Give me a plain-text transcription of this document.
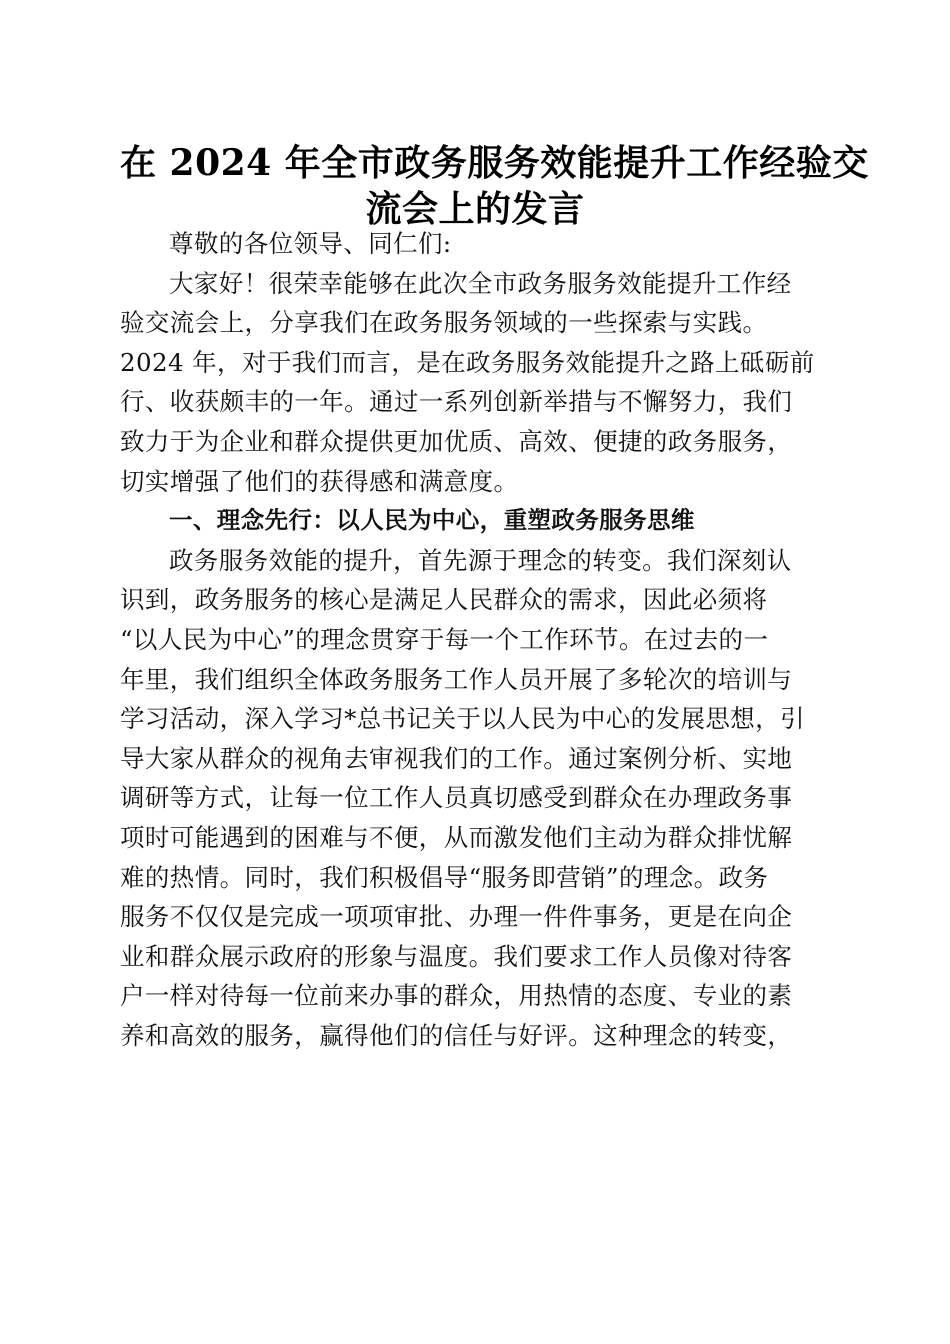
在 2024 年全市政务服务效能提升工作经验交
流会上的发言
尊敬的各位领导、同仁们:
大家好！很荣幸能够在此次全市政务服务效能提升工作经
验交流会上，分享我们在政务服务领域的一些探索与实践。
2024 年，对于我们而言，是在政务服务效能提升之路上砥砺前
行、收获颇丰的一年。通过一系列创新举措与不懈努力，我们
致力于为企业和群众提供更加优质、高效、便捷的政务服务，
切实增强了他们的获得感和满意度。
一、理念先行：以人民为中心，重塑政务服务思维
政务服务效能的提升，首先源于理念的转变。我们深刻认
识到，政务服务的核心是满足人民群众的需求，因此必须将
“以人民为中心”的理念贯穿于每一个工作环节。在过去的一
年里，我们组织全体政务服务工作人员开展了多轮次的培训与
学习活动，深入学习*总书记关于以人民为中心的发展思想，引
导大家从群众的视角去审视我们的工作。通过案例分析、实地
调研等方式，让每一位工作人员真切感受到群众在办理政务事
项时可能遇到的困难与不便，从而激发他们主动为群众排忧解
难的热情。同时，我们积极倡导“服务即营销”的理念。政务
服务不仅仅是完成一项项审批、办理一件件事务，更是在向企
业和群众展示政府的形象与温度。我们要求工作人员像对待客
户一样对待每一位前来办事的群众，用热情的态度、专业的素
养和高效的服务，赢得他们的信任与好评。这种理念的转变，
